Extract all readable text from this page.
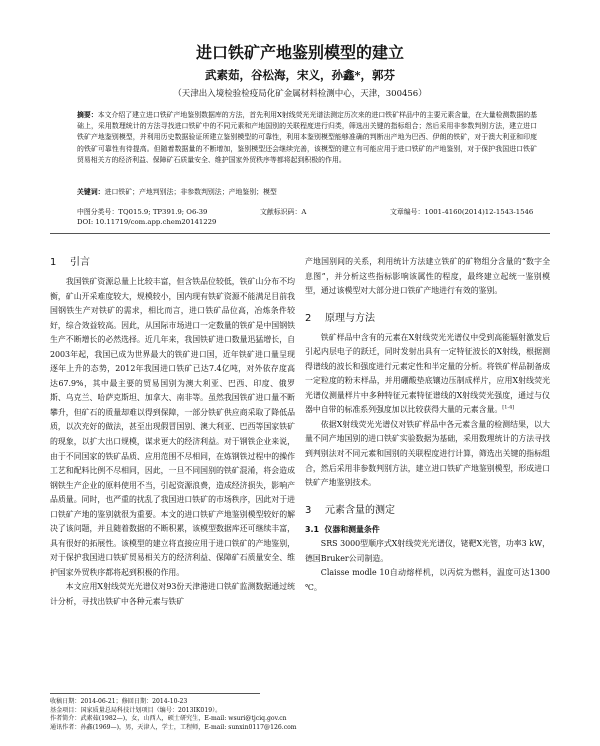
进口铁矿产地鉴别模型的建立
武素茹，谷松海，宋义，孙鑫*，郭芬
（天津出入境检验检疫局化矿金属材料检测中心，天津，300456）
摘要：本文介绍了建立进口铁矿产地鉴别数据库的方法，首先利用X射线荧光光谱法测定历次来的进口铁矿样品中的主要元素含量，在大量检测数据的基础上，采用数理统计的方法寻找进口铁矿中的不同元素和产地国别的关联程度进行归类，筛选出关键的指标组合；然后采用非参数判别方法，建立进口铁矿产地鉴别模型，并利用历史数据验证所建立鉴别模型的可靠性，利用本鉴别模型能够准确的判断出产地为巴西、伊朗的铁矿，对于澳大利亚和印度的铁矿可靠性有待提高。但随着数据量的不断增加，鉴别模型还会继续完善，该模型的建立有可能应用于进口铁矿的产地鉴别，对于保护我国进口铁矿贸易相关方的经济利益、保障矿石质量安全、维护国家外贸秩序等都将起到积极的作用。
关键词：进口铁矿；产地判别法；非参数判别法；产地鉴别；模型
中图分类号：TQ015.9; TP391.9; O6-39	文献标识码：A	文章编号：1001-4160(2014)12-1543-1546
DOI: 10.11719/com.app.chem20141229
1 引言

我国铁矿资源总量上比较丰富，但含铁品位较低，铁矿山分布不均衡，矿山开采难度较大，规模较小，国内现有铁矿资源不能满足目前我国钢铁生产对铁矿的需求，相比而言，进口铁矿品位高，冶炼条件较好，综合效益较高。因此，从国际市场进口一定数量的铁矿是中国钢铁生产不断增长的必然选择。近几年来，我国铁矿进口数量迅猛增长，自2003年起，我国已成为世界最大的铁矿进口国，近年铁矿进口量呈现逐年上升的态势，2012年我国进口铁矿已达7.4亿吨，对外依存度高达67.9%，其中最主要的贸易国别为澳大利亚、巴西、印度、俄罗斯、乌克兰、哈萨克斯坦、加拿大、南非等。虽然我国铁矿进口量不断攀升，但矿石的质量却难以得到保障，一部分铁矿供应商采取了降低品质，以次充好的做法，甚至出现假冒国别、澳大利亚、巴西等国家铁矿的现象，以扩大出口规模，谋求更大的经济利益。对于钢铁企业来说，由于不同国家的铁矿品质、应用范围不尽相同，在炼钢铁过程中的操作工艺和配料比例不尽相同，因此，一旦不同国别的铁矿混淆，将会造成钢铁生产企业的原料使用不当，引起资源浪费，造成经济损失，影响产品质量。同时，也严重的扰乱了我国进口铁矿的市场秩序，因此对于进口铁矿产地的鉴别就很为重要。本文的进口铁矿产地鉴别模型较好的解决了该问题，并且随着数据的不断积累，该模型数据库还可继续丰富，具有很好的拓展性。该模型的建立将直接应用于进口铁矿的产地鉴别，对于保护我国进口铁矿贸易相关方的经济利益、保障矿石质量安全、维护国家外贸秩序都将起到积极的作用。

本文应用X射线荧光光谱仪对93份天津港进口铁矿监测数据通过统计分析，寻找出铁矿中各种元素与铁矿

产地国别间的关系，利用统计方法建立铁矿的矿物组分含量的“数字全息图”，并分析这些指标影响该属性的程度，最终建立起统一鉴别模型，通过该模型对大部分进口铁矿产地进行有效的鉴别。

2 原理与方法

铁矿样品中含有的元素在X射线荧光光谱仪中受到高能辐射激发后引起内层电子的跃迁，同时发射出具有一定特征波长的X射线，根据测得谱线的波长和强度进行元素定性和半定量的分析。将铁矿样品制备成一定粒度的粉末样品，并用硼酸垫底镶边压制成样片，应用X射线荧光光谱仪测量样片中多种特征元素特征谱线的X射线荧光强度，通过与仪器中自带的标准系列强度加以比较获得大量的元素含量。[1-4]

依据X射线荧光光谱仪对铁矿样品中各元素含量的检测结果，以大量不同产地国别的进口铁矿实验数据为基础，采用数理统计的方法寻找到判别法对不同元素和国别的关联程度进行计算，筛选出关键的指标组合，然后采用非参数判别方法，建立进口铁矿产地鉴别模型，形成进口铁矿产地鉴别技术。

3 元素含量的测定
3.1 仪器和测量条件

SRS 3000型顺序式X射线荧光光谱仪，铑靶X光管，功率3 kW，德国Bruker公司制造。

Claisse modle 10自动熔样机，以丙烷为燃料，温度可达1300 ℃。

收稿日期：2014-06-21；修回日期：2014-10-23
基金项目：国家质量总局科技计划项目（编号：2013IK019）。
作者简介：武素茹(1982—)，女，山西人，硕士研究生，E-mail: wsuri@tjciq.gov.cn
通讯作者：孙鑫(1969—)，男，天津人，学士，工程师，E-mail: sunxin0117@126.com
